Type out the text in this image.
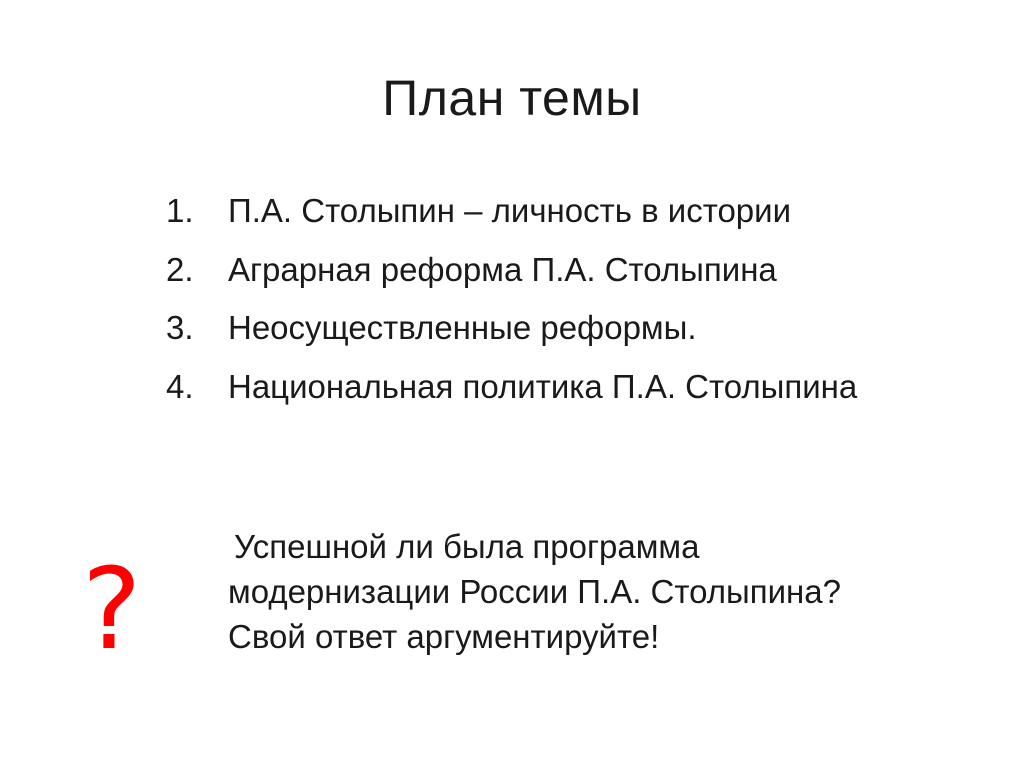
План темы
1.	П.А. Столыпин – личность в истории
2.	Аграрная реформа П.А. Столыпина
3.	Неосуществленные реформы.
4.	Национальная политика П.А. Столыпина
?	Успешной ли была программа
модернизации России П.А. Столыпина?
Свой ответ аргументируйте!
